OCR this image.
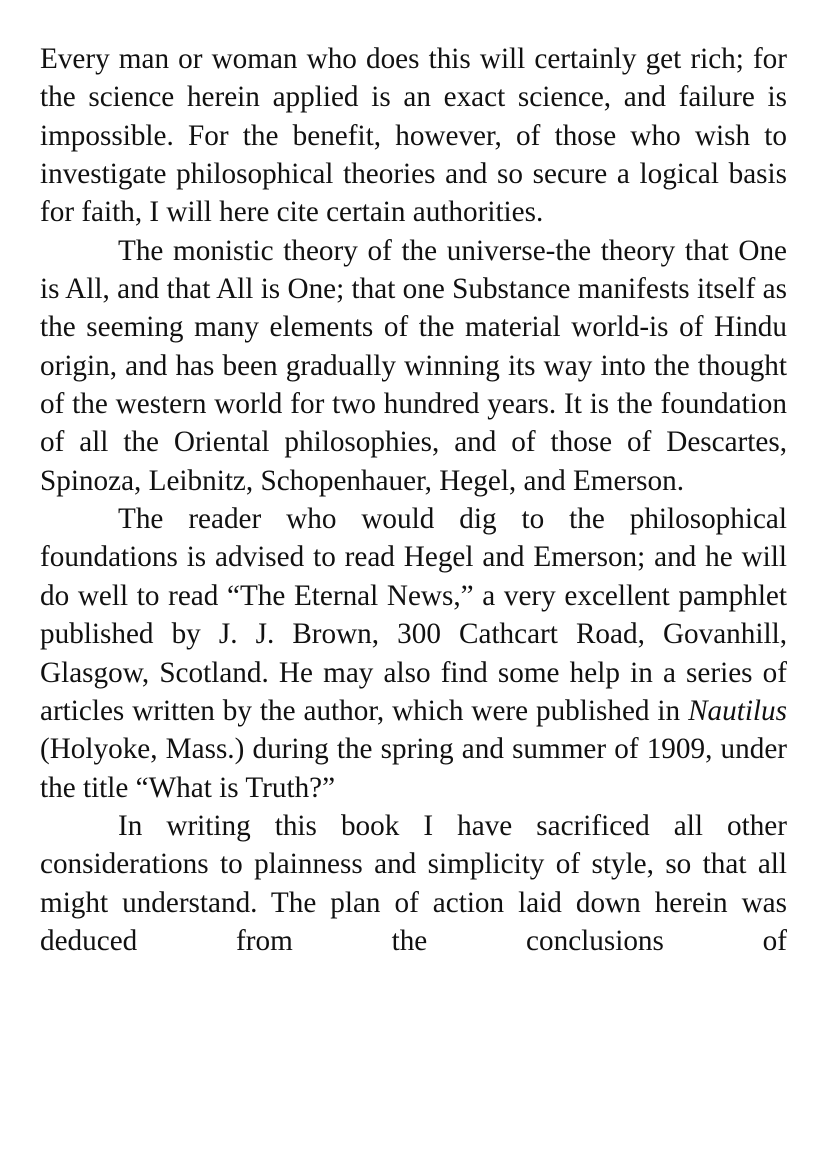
Every man or woman who does this will certainly get rich; for the science herein applied is an exact science, and failure is impossible. For the benefit, however, of those who wish to investigate philosophical theories and so secure a logical basis for faith, I will here cite certain authorities.

The monistic theory of the universe-the theory that One is All, and that All is One; that one Substance manifests itself as the seeming many elements of the material world-is of Hindu origin, and has been gradually winning its way into the thought of the western world for two hundred years. It is the foundation of all the Oriental philosophies, and of those of Descartes, Spinoza, Leibnitz, Schopenhauer, Hegel, and Emerson.

The reader who would dig to the philosophical foundations is advised to read Hegel and Emerson; and he will do well to read “The Eternal News,” a very excellent pamphlet published by J. J. Brown, 300 Cathcart Road, Govanhill, Glasgow, Scotland. He may also find some help in a series of articles written by the author, which were published in Nautilus (Holyoke, Mass.) during the spring and summer of 1909, under the title “What is Truth?”

In writing this book I have sacrificed all other considerations to plainness and simplicity of style, so that all might understand. The plan of action laid down herein was deduced from the conclusions of
